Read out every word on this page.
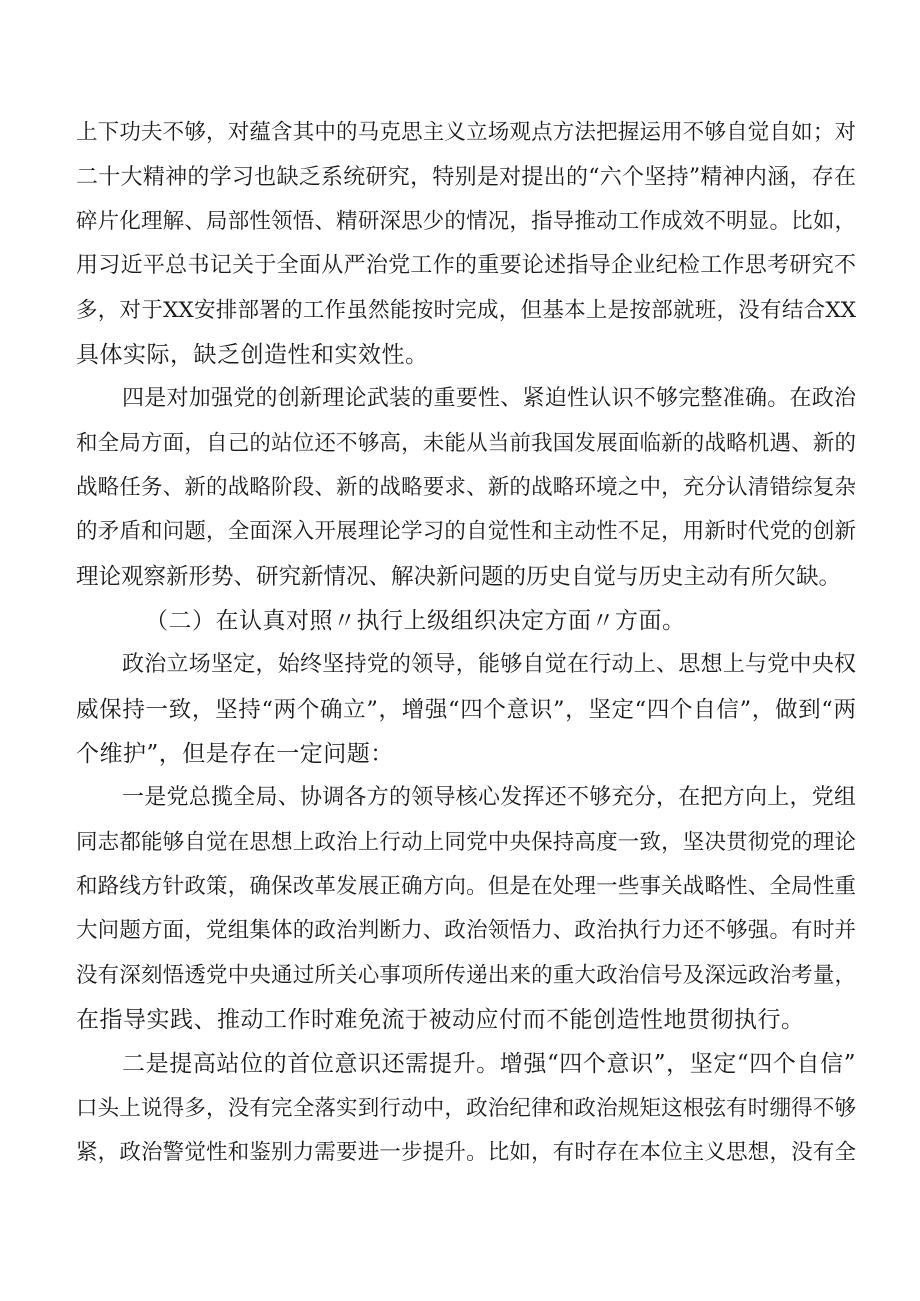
上下功夫不够，对蕴含其中的马克思主义立场观点方法把握运用不够自觉自如；对
二十大精神的学习也缺乏系统研究，特别是对提出的“六个坚持”精神内涵，存在
碎片化理解、局部性领悟、精研深思少的情况，指导推动工作成效不明显。比如，
用习近平总书记关于全面从严治党工作的重要论述指导企业纪检工作思考研究不
多，对于XX安排部署的工作虽然能按时完成，但基本上是按部就班，没有结合XX
具体实际，缺乏创造性和实效性。
四是对加强党的创新理论武装的重要性、紧迫性认识不够完整准确。在政治
和全局方面，自己的站位还不够高，未能从当前我国发展面临新的战略机遇、新的
战略任务、新的战略阶段、新的战略要求、新的战略环境之中，充分认清错综复杂
的矛盾和问题，全面深入开展理论学习的自觉性和主动性不足，用新时代党的创新
理论观察新形势、研究新情况、解决新问题的历史自觉与历史主动有所欠缺。
（二）在认真对照〃执行上级组织决定方面〃方面。
政治立场坚定，始终坚持党的领导，能够自觉在行动上、思想上与党中央权
威保持一致，坚持“两个确立”，增强“四个意识”，坚定“四个自信”，做到“两
个维护”，但是存在一定问题：
一是党总揽全局、协调各方的领导核心发挥还不够充分，在把方向上，党组
同志都能够自觉在思想上政治上行动上同党中央保持高度一致，坚决贯彻党的理论
和路线方针政策，确保改革发展正确方向。但是在处理一些事关战略性、全局性重
大问题方面，党组集体的政治判断力、政治领悟力、政治执行力还不够强。有时并
没有深刻悟透党中央通过所关心事项所传递出来的重大政治信号及深远政治考量，
在指导实践、推动工作时难免流于被动应付而不能创造性地贯彻执行。
二是提高站位的首位意识还需提升。增强“四个意识”，坚定“四个自信”
口头上说得多，没有完全落实到行动中，政治纪律和政治规矩这根弦有时绷得不够
紧，政治警觉性和鉴别力需要进一步提升。比如，有时存在本位主义思想，没有全
